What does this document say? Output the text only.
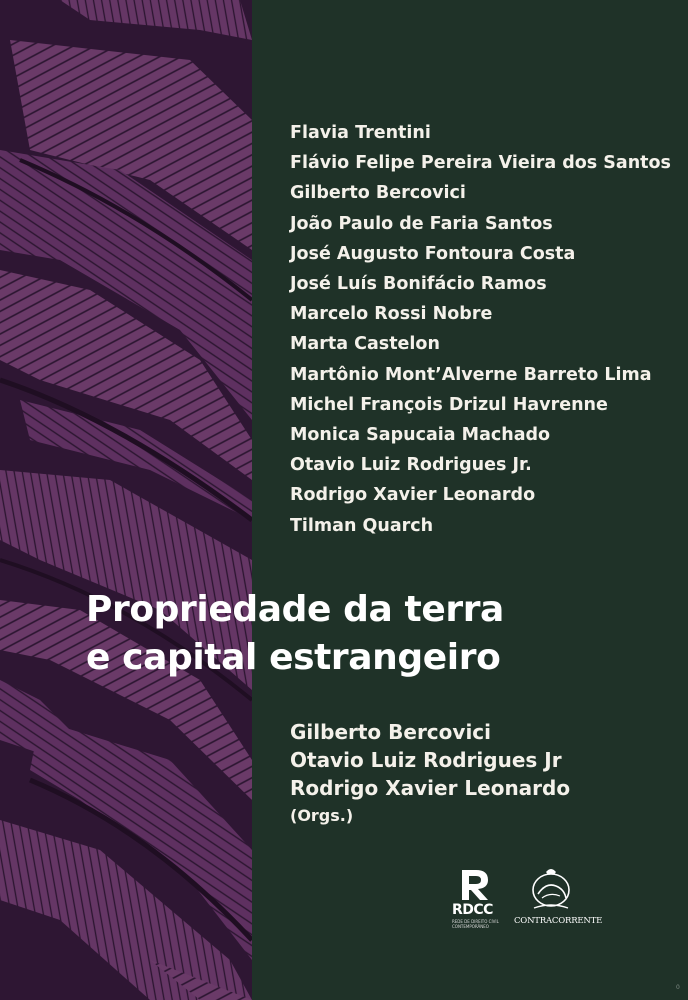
Flavia Trentini
Flávio Felipe Pereira Vieira dos Santos
Gilberto Bercovici
João Paulo de Faria Santos
José Augusto Fontoura Costa
José Luís Bonifácio Ramos
Marcelo Rossi Nobre
Marta Castelon
Martônio Mont’Alverne Barreto Lima
Michel François Drizul Havrenne
Monica Sapucaia Machado
Otavio Luiz Rodrigues Jr.
Rodrigo Xavier Leonardo
Tilman Quarch
Propriedade da terra
e capital estrangeiro
Gilberto Bercovici
Otavio Luiz Rodrigues Jr
Rodrigo Xavier Leonardo
(Orgs.)
RDCC
REDE DE DIREITO CIVIL CONTEMPORÂNEO
CONTRACORRENTE
0
